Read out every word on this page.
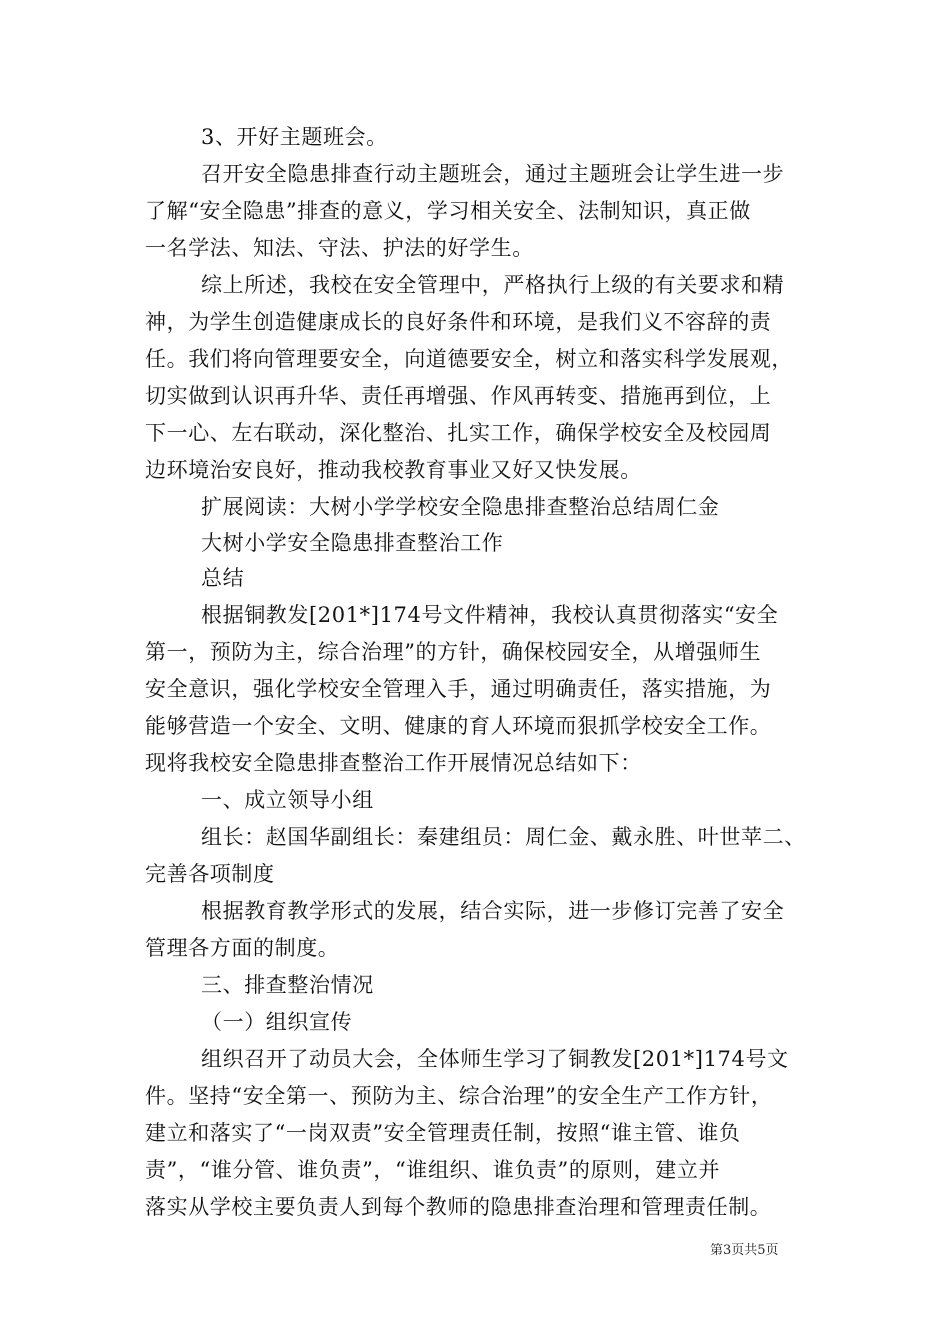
3、开好主题班会。
召开安全隐患排查行动主题班会，通过主题班会让学生进一步
了解“安全隐患”排查的意义，学习相关安全、法制知识，真正做
一名学法、知法、守法、护法的好学生。
综上所述，我校在安全管理中，严格执行上级的有关要求和精
神，为学生创造健康成长的良好条件和环境，是我们义不容辞的责
任。我们将向管理要安全，向道德要安全，树立和落实科学发展观，
切实做到认识再升华、责任再增强、作风再转变、措施再到位，上
下一心、左右联动，深化整治、扎实工作，确保学校安全及校园周
边环境治安良好，推动我校教育事业又好又快发展。
扩展阅读：大树小学学校安全隐患排查整治总结周仁金
大树小学安全隐患排查整治工作
总结
根据铜教发[201*]174号文件精神，我校认真贯彻落实“安全
第一，预防为主，综合治理”的方针，确保校园安全，从增强师生
安全意识，强化学校安全管理入手，通过明确责任，落实措施，为
能够营造一个安全、文明、健康的育人环境而狠抓学校安全工作。
现将我校安全隐患排查整治工作开展情况总结如下：
一、成立领导小组
组长：赵国华副组长：秦建组员：周仁金、戴永胜、叶世苹二、
完善各项制度
根据教育教学形式的发展，结合实际，进一步修订完善了安全
管理各方面的制度。
三、排查整治情况
（一）组织宣传
组织召开了动员大会，全体师生学习了铜教发[201*]174号文
件。坚持“安全第一、预防为主、综合治理”的安全生产工作方针，
建立和落实了“一岗双责”安全管理责任制，按照“谁主管、谁负
责”，“谁分管、谁负责”，“谁组织、谁负责”的原则，建立并
落实从学校主要负责人到每个教师的隐患排查治理和管理责任制。
第3页共5页
